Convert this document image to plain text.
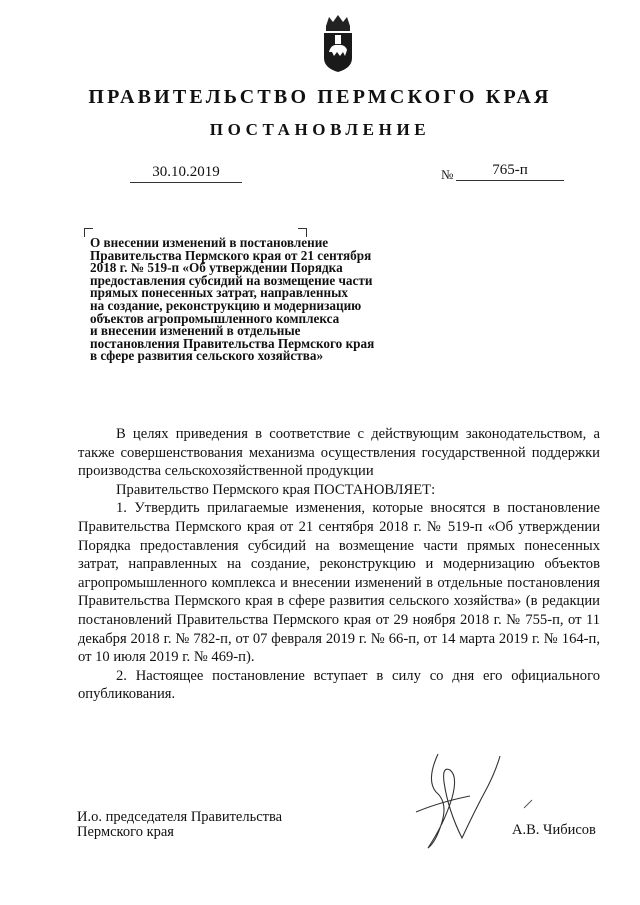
ПРАВИТЕЛЬСТВО ПЕРМСКОГО КРАЯ
ПОСТАНОВЛЕНИЕ
30.10.2019	№	765-п
О внесении изменений в постановление
Правительства Пермского края от 21 сентября
2018 г. № 519-п «Об утверждении Порядка
предоставления субсидий на возмещение части
прямых понесенных затрат, направленных
на создание, реконструкцию и модернизацию
объектов агропромышленного комплекса
и внесении изменений в отдельные
постановления Правительства Пермского края
в сфере развития сельского хозяйства»

В целях приведения в соответствие с действующим законодательством, а также совершенствования механизма осуществления государственной поддержки производства сельскохозяйственной продукции

Правительство Пермского края ПОСТАНОВЛЯЕТ:

1. Утвердить прилагаемые изменения, которые вносятся в постановление Правительства Пермского края от 21 сентября 2018 г. № 519-п «Об утверждении Порядка предоставления субсидий на возмещение части прямых понесенных затрат, направленных на создание, реконструкцию и модернизацию объектов агропромышленного комплекса и внесении изменений в отдельные постановления Правительства Пермского края в сфере развития сельского хозяйства» (в редакции постановлений Правительства Пермского края от 29 ноября 2018 г. № 755-п, от 11 декабря 2018 г. № 782-п, от 07 февраля 2019 г. № 66-п, от 14 марта 2019 г. № 164-п, от 10 июля 2019 г. № 469-п).

2. Настоящее постановление вступает в силу со дня его официального опубликования.

И.о. председателя Правительства
Пермского края	А.В. Чибисов
